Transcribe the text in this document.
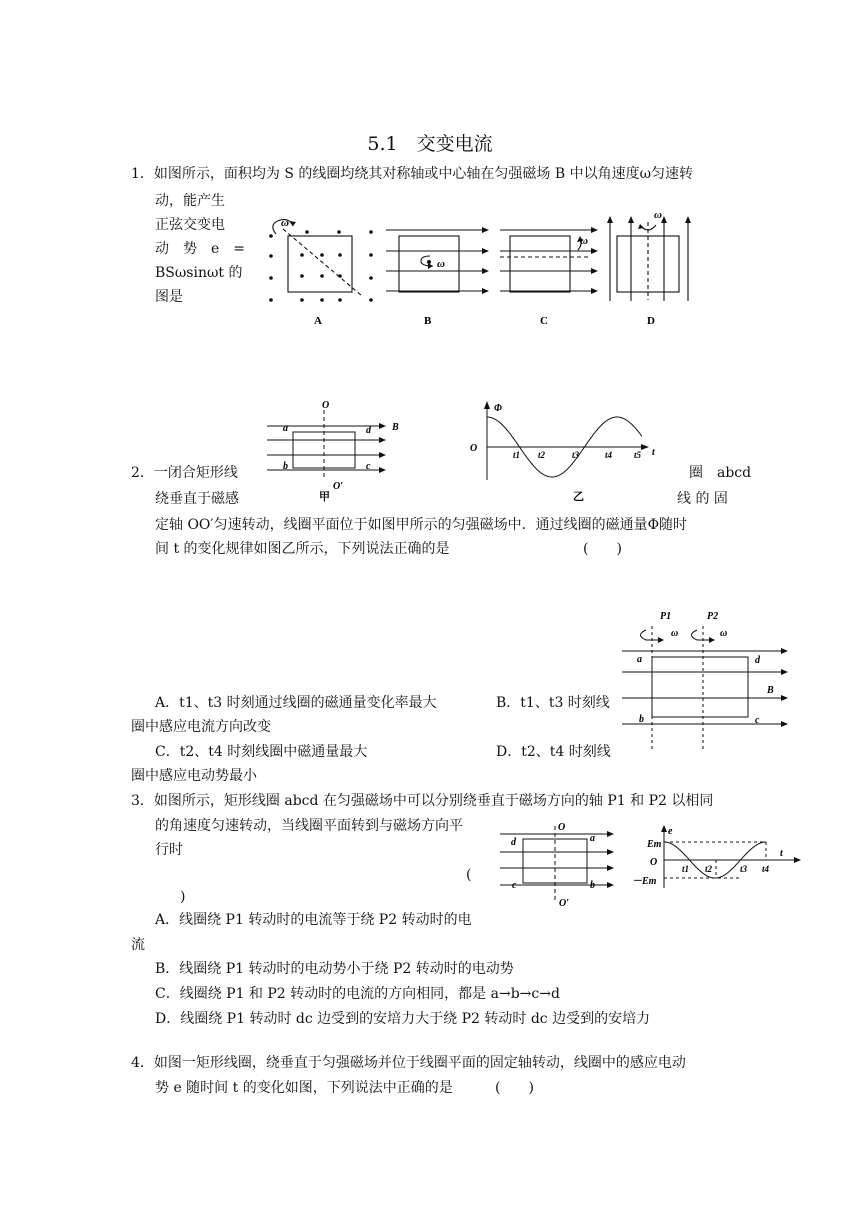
5.1　交变电流
1．如图所示，面积均为 S 的线圈均绕其对称轴或中心轴在匀强磁场 B 中以角速度ω匀速转
动，能产生
正弦交变电
动　势　e　=
BSωsinωt 的
图是
ω
ω
ω
ω
A	B	C	D
O
a	d B
b	c
O′
甲
Φ
O	t
t1 t2	t3	t4 t5
乙
2．一闭合矩形线	圈　abcd
绕垂直于磁感	线 的 固
定轴 OO′匀速转动，线圈平面位于如图甲所示的匀强磁场中．通过线圈的磁通量Φ随时
间 t 的变化规律如图乙所示，下列说法正确的是	(　　)
P1	P2
ω	ω
a	d
B
b	c
A．t1、t3 时刻通过线圈的磁通量变化率最大	B．t1、t3 时刻线
圈中感应电流方向改变
C．t2、t4 时刻线圈中磁通量最大	D．t2、t4 时刻线
圈中感应电动势最小
3．如图所示，矩形线圈 abcd 在匀强磁场中可以分别绕垂直于磁场方向的轴 P1 和 P2 以相同
的角速度匀速转动，当线圈平面转到与磁场方向平
行时
(
)
A．线圈绕 P1 转动时的电流等于绕 P2 转动时的电
流
B．线圈绕 P1 转动时的电动势小于绕 P2 转动时的电动势
C．线圈绕 P1 和 P2 转动时的电流的方向相同，都是 a→b→c→d
D．线圈绕 P1 转动时 dc 边受到的安培力大于绕 P2 转动时 dc 边受到的安培力
O
d	a
c	b
O′
e
Em
O
－Em
t
t1 t2	t3 t4
4．如图一矩形线圈，绕垂直于匀强磁场并位于线圈平面的固定轴转动，线圈中的感应电动
势 e 随时间 t 的变化如图，下列说法中正确的是	(　　)
